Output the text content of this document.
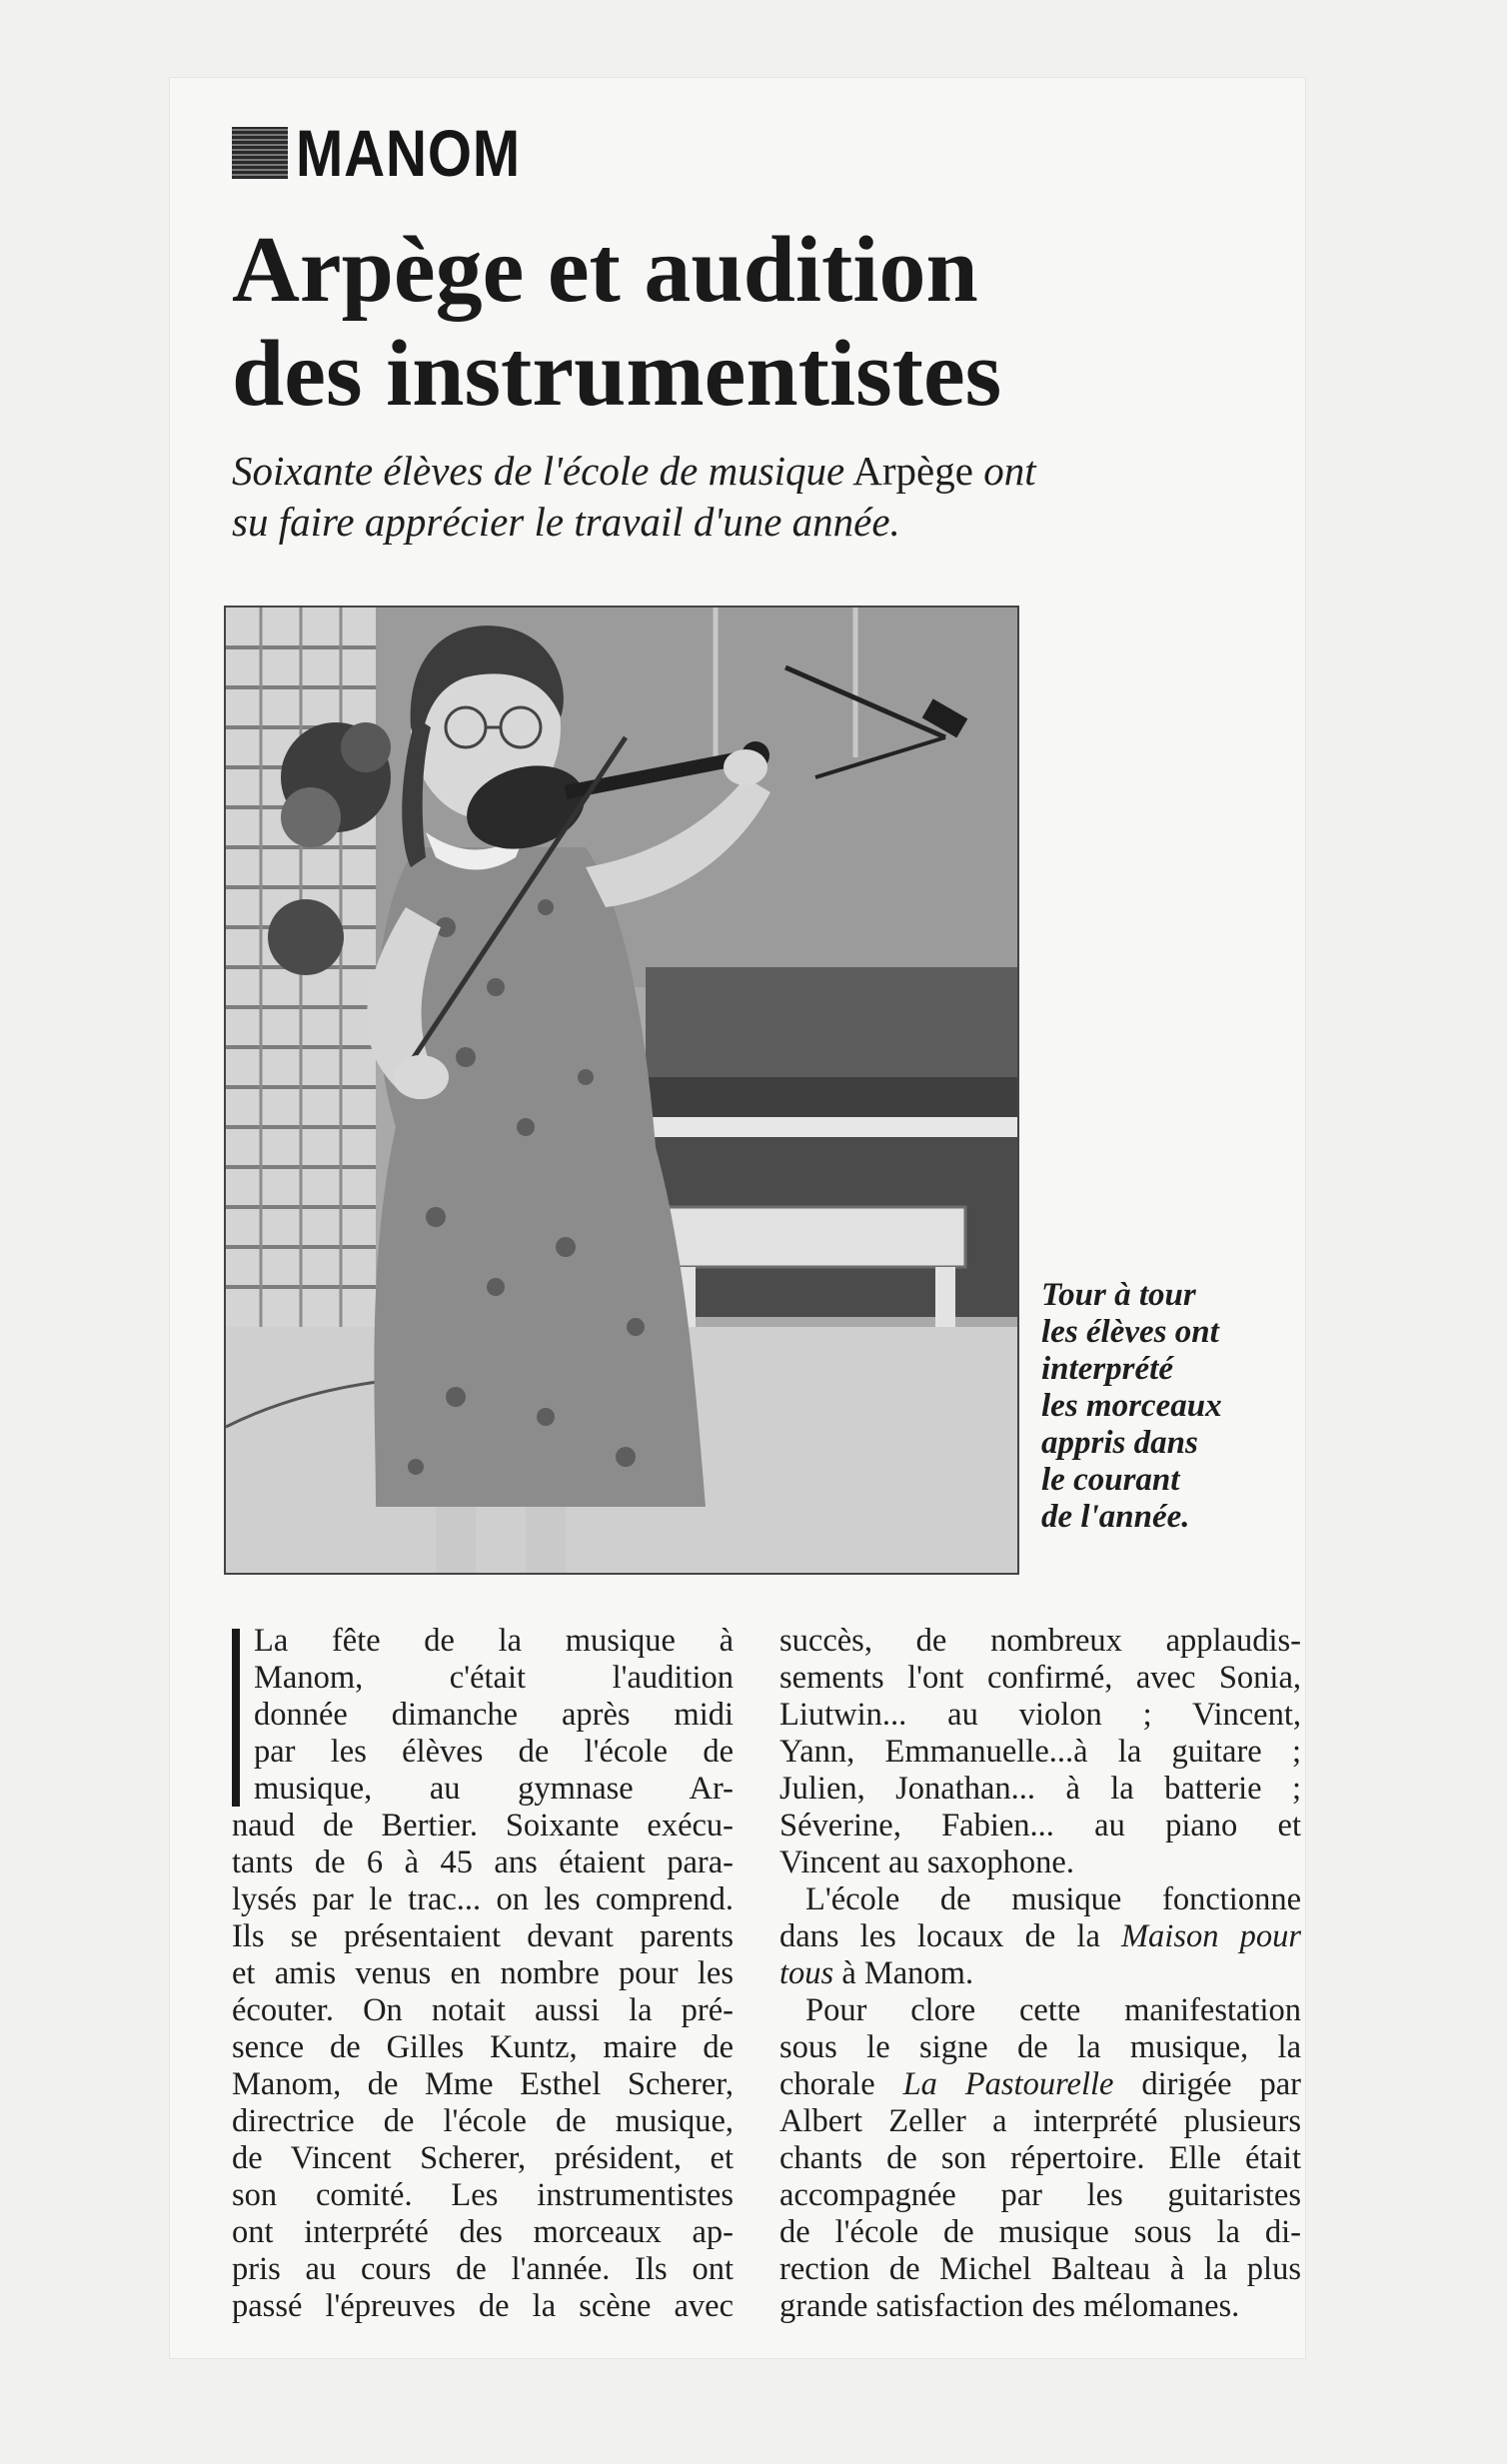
MANOM
Arpège et audition
des instrumentistes

Soixante élèves de l'école de musique Arpège ont
su faire apprécier le travail d'une année.

Tour à tour
les élèves ont
interprété
les morceaux
appris dans
le courant
de l'année.

La fête de la musique à
Manom, c'était l'audition
donnée dimanche après midi
par les élèves de l'école de
musique, au gymnase Ar-
naud de Bertier. Soixante exécu-
tants de 6 à 45 ans étaient para-
lysés par le trac... on les comprend.
Ils se présentaient devant parents
et amis venus en nombre pour les
écouter. On notait aussi la pré-
sence de Gilles Kuntz, maire de
Manom, de Mme Esthel Scherer,
directrice de l'école de musique,
de Vincent Scherer, président, et
son comité. Les instrumentistes
ont interprété des morceaux ap-
pris au cours de l'année. Ils ont
passé l'épreuves de la scène avec
succès, de nombreux applaudis-
sements l'ont confirmé, avec Sonia,
Liutwin... au violon ; Vincent,
Yann, Emmanuelle...à la guitare ;
Julien, Jonathan... à la batterie ;
Séverine, Fabien... au piano et
Vincent au saxophone.
L'école de musique fonctionne
dans les locaux de la Maison pour
tous à Manom.
Pour clore cette manifestation
sous le signe de la musique, la
chorale La Pastourelle dirigée par
Albert Zeller a interprété plusieurs
chants de son répertoire. Elle était
accompagnée par les guitaristes
de l'école de musique sous la di-
rection de Michel Balteau à la plus
grande satisfaction des mélomanes.
